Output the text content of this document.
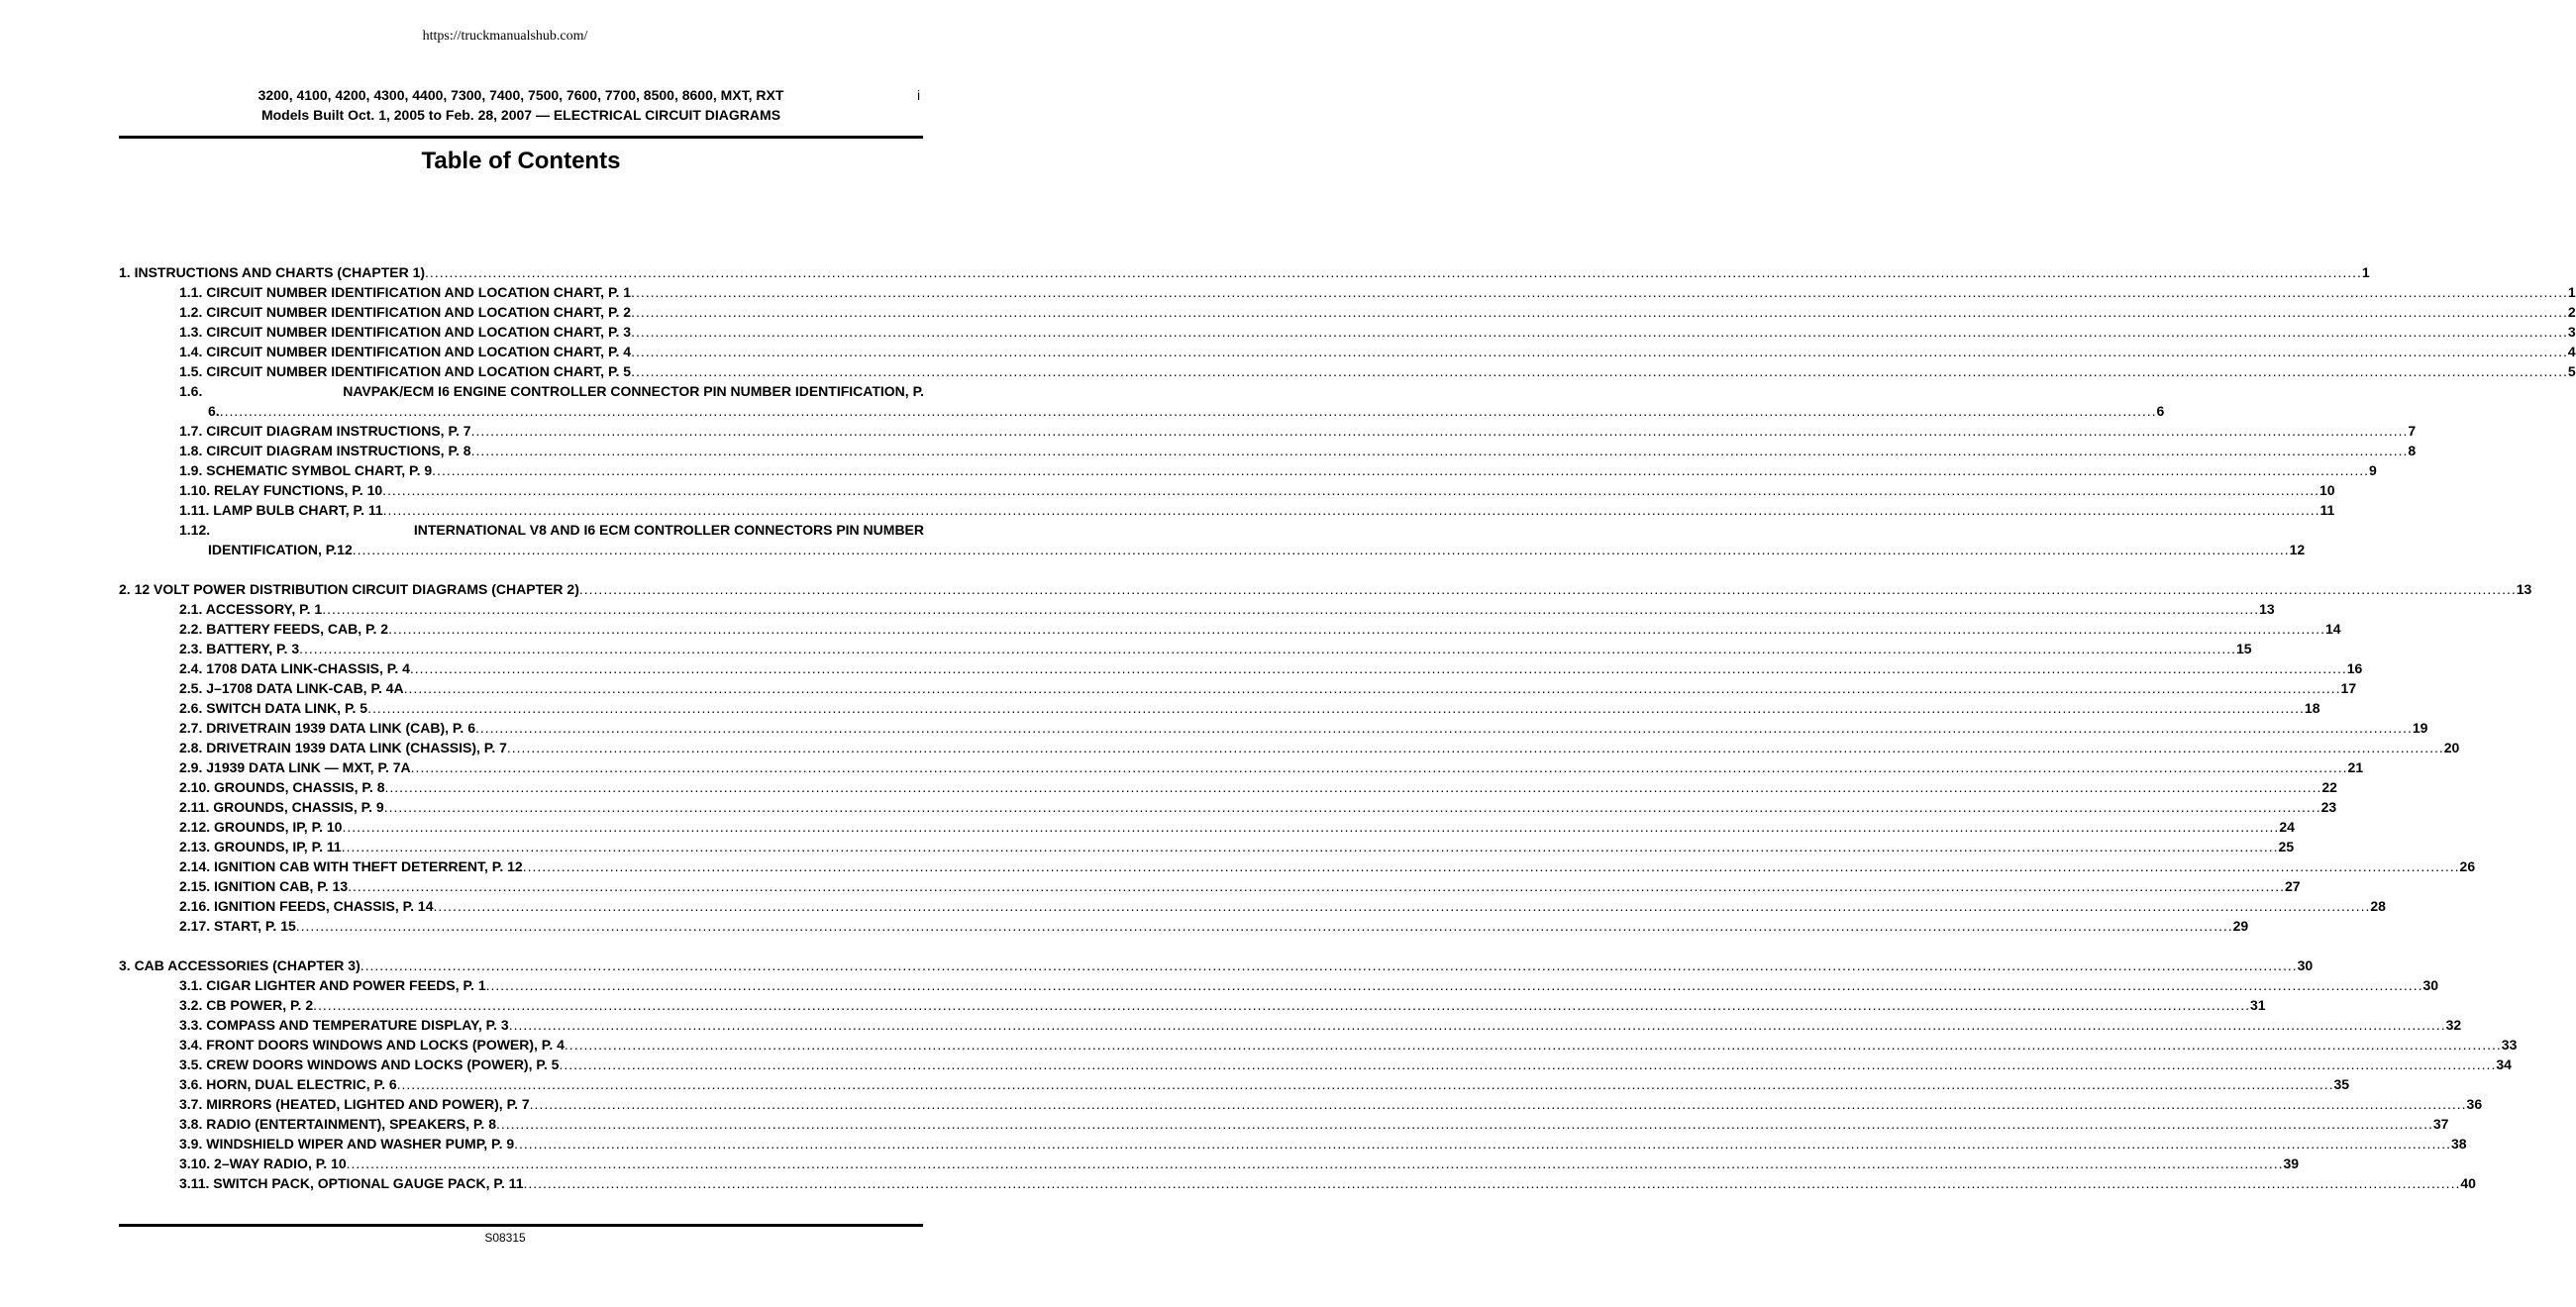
https://truckmanualshub.com/
3200, 4100, 4200, 4300, 4400, 7300, 7400, 7500, 7600, 7700, 8500, 8600, MXT, RXT
Models Built Oct. 1, 2005 to Feb. 28, 2007 — ELECTRICAL CIRCUIT DIAGRAMS
i
Table of Contents
1. INSTRUCTIONS AND CHARTS (CHAPTER 1) ................................................................................................................................................................................................................................................................................................................................................................................................................ 1
1.1. CIRCUIT NUMBER IDENTIFICATION AND LOCATION CHART, P. 1 ................................................................................................................................................................................................................................................................................................................................................................................................................ 1
1.2. CIRCUIT NUMBER IDENTIFICATION AND LOCATION CHART, P. 2 ................................................................................................................................................................................................................................................................................................................................................................................................................ 2
1.3. CIRCUIT NUMBER IDENTIFICATION AND LOCATION CHART, P. 3 ................................................................................................................................................................................................................................................................................................................................................................................................................ 3
1.4. CIRCUIT NUMBER IDENTIFICATION AND LOCATION CHART, P. 4 ................................................................................................................................................................................................................................................................................................................................................................................................................ 4
1.5. CIRCUIT NUMBER IDENTIFICATION AND LOCATION CHART, P. 5 ................................................................................................................................................................................................................................................................................................................................................................................................................ 5
1.6.	NAVPAK/ECM I6 ENGINE CONTROLLER CONNECTOR PIN NUMBER IDENTIFICATION, P.
6. ................................................................................................................................................................................................................................................................................................................................................................................................................ 6
1.7. CIRCUIT DIAGRAM INSTRUCTIONS, P. 7 ................................................................................................................................................................................................................................................................................................................................................................................................................ 7
1.8. CIRCUIT DIAGRAM INSTRUCTIONS, P. 8 ................................................................................................................................................................................................................................................................................................................................................................................................................ 8
1.9. SCHEMATIC SYMBOL CHART, P. 9 ................................................................................................................................................................................................................................................................................................................................................................................................................ 9
1.10. RELAY FUNCTIONS, P. 10 ................................................................................................................................................................................................................................................................................................................................................................................................................ 10
1.11. LAMP BULB CHART, P. 11 ................................................................................................................................................................................................................................................................................................................................................................................................................ 11
1.12.	INTERNATIONAL V8 AND I6 ECM CONTROLLER CONNECTORS PIN NUMBER
IDENTIFICATION, P.12 ................................................................................................................................................................................................................................................................................................................................................................................................................ 12
2. 12 VOLT POWER DISTRIBUTION CIRCUIT DIAGRAMS (CHAPTER 2) ................................................................................................................................................................................................................................................................................................................................................................................................................ 13
2.1. ACCESSORY, P. 1 ................................................................................................................................................................................................................................................................................................................................................................................................................ 13
2.2. BATTERY FEEDS, CAB, P. 2 ................................................................................................................................................................................................................................................................................................................................................................................................................ 14
2.3. BATTERY, P. 3 ................................................................................................................................................................................................................................................................................................................................................................................................................ 15
2.4. 1708 DATA LINK-CHASSIS, P. 4 ................................................................................................................................................................................................................................................................................................................................................................................................................ 16
2.5. J–1708 DATA LINK-CAB, P. 4A ................................................................................................................................................................................................................................................................................................................................................................................................................ 17
2.6. SWITCH DATA LINK, P. 5 ................................................................................................................................................................................................................................................................................................................................................................................................................ 18
2.7. DRIVETRAIN 1939 DATA LINK (CAB), P. 6 ................................................................................................................................................................................................................................................................................................................................................................................................................ 19
2.8. DRIVETRAIN 1939 DATA LINK (CHASSIS), P. 7 ................................................................................................................................................................................................................................................................................................................................................................................................................ 20
2.9. J1939 DATA LINK — MXT, P. 7A ................................................................................................................................................................................................................................................................................................................................................................................................................ 21
2.10. GROUNDS, CHASSIS, P. 8 ................................................................................................................................................................................................................................................................................................................................................................................................................ 22
2.11. GROUNDS, CHASSIS, P. 9 ................................................................................................................................................................................................................................................................................................................................................................................................................ 23
2.12. GROUNDS, IP, P. 10 ................................................................................................................................................................................................................................................................................................................................................................................................................ 24
2.13. GROUNDS, IP, P. 11 ................................................................................................................................................................................................................................................................................................................................................................................................................ 25
2.14. IGNITION CAB WITH THEFT DETERRENT, P. 12 ................................................................................................................................................................................................................................................................................................................................................................................................................ 26
2.15. IGNITION CAB, P. 13 ................................................................................................................................................................................................................................................................................................................................................................................................................ 27
2.16. IGNITION FEEDS, CHASSIS, P. 14 ................................................................................................................................................................................................................................................................................................................................................................................................................ 28
2.17. START, P. 15 ................................................................................................................................................................................................................................................................................................................................................................................................................ 29
3. CAB ACCESSORIES (CHAPTER 3) ................................................................................................................................................................................................................................................................................................................................................................................................................ 30
3.1. CIGAR LIGHTER AND POWER FEEDS, P. 1 ................................................................................................................................................................................................................................................................................................................................................................................................................ 30
3.2. CB POWER, P. 2 ................................................................................................................................................................................................................................................................................................................................................................................................................ 31
3.3. COMPASS AND TEMPERATURE DISPLAY, P. 3 ................................................................................................................................................................................................................................................................................................................................................................................................................ 32
3.4. FRONT DOORS WINDOWS AND LOCKS (POWER), P. 4 ................................................................................................................................................................................................................................................................................................................................................................................................................ 33
3.5. CREW DOORS WINDOWS AND LOCKS (POWER), P. 5 ................................................................................................................................................................................................................................................................................................................................................................................................................ 34
3.6. HORN, DUAL ELECTRIC, P. 6 ................................................................................................................................................................................................................................................................................................................................................................................................................ 35
3.7. MIRRORS (HEATED, LIGHTED AND POWER), P. 7 ................................................................................................................................................................................................................................................................................................................................................................................................................ 36
3.8. RADIO (ENTERTAINMENT), SPEAKERS, P. 8 ................................................................................................................................................................................................................................................................................................................................................................................................................ 37
3.9. WINDSHIELD WIPER AND WASHER PUMP, P. 9 ................................................................................................................................................................................................................................................................................................................................................................................................................ 38
3.10. 2–WAY RADIO, P. 10 ................................................................................................................................................................................................................................................................................................................................................................................................................ 39
3.11. SWITCH PACK, OPTIONAL GAUGE PACK, P. 11 ................................................................................................................................................................................................................................................................................................................................................................................................................ 40
S08315
